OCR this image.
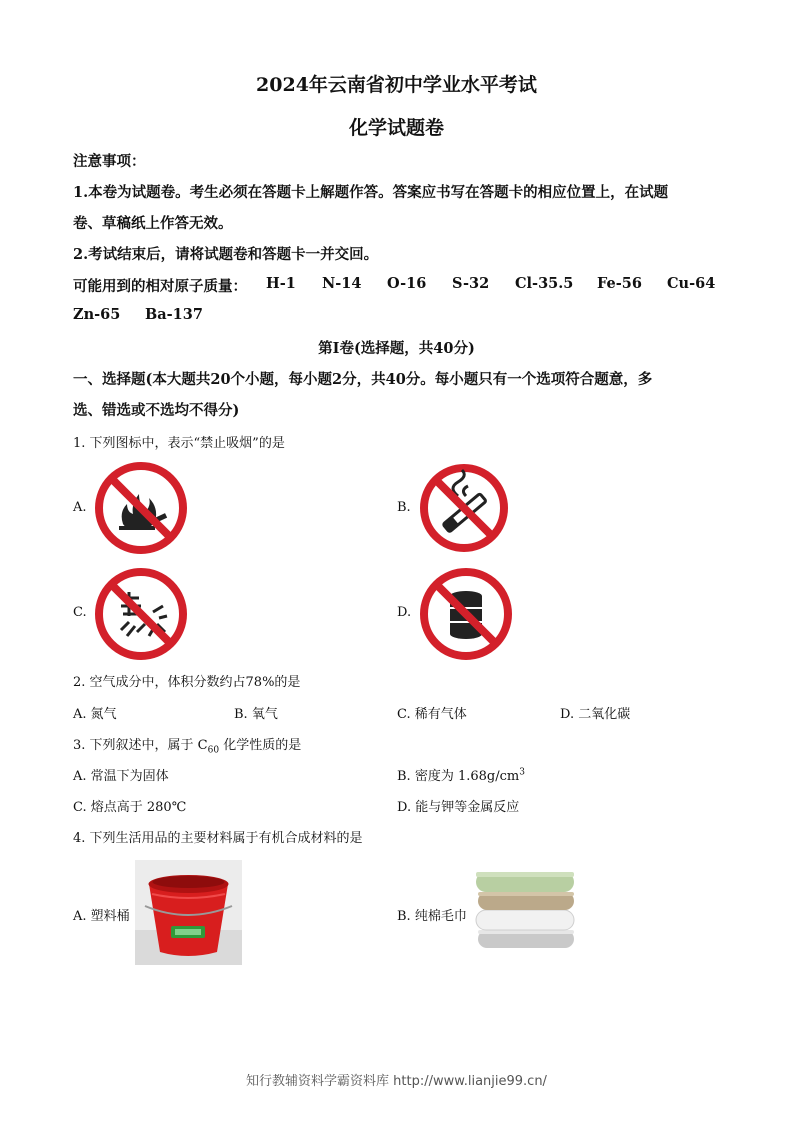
2024年云南省初中学业水平考试
化学试题卷
注意事项：
1.本卷为试题卷。考生必须在答题卡上解题作答。答案应书写在答题卡的相应位置上，在试题
卷、草稿纸上作答无效。
2.考试结束后，请将试题卷和答题卡一并交回。
可能用到的相对原子质量： H-1 N-14 O-16 S-32 Cl-35.5 Fe-56 Cu-64
Zn-65 Ba-137
第Ⅰ卷(选择题，共40分)
一、选择题(本大题共20个小题，每小题2分，共40分。每小题只有一个选项符合题意，多
选、错选或不选均不得分)
1. 下列图标中，表示“禁止吸烟”的是
A.	B.
C.	D.
2. 空气成分中，体积分数约占78%的是
A. 氮气	B. 氧气	C. 稀有气体	D. 二氧化碳
3. 下列叙述中，属于 $C_{60}$ 化学性质的是
A. 常温下为固体	B. 密度为 $1.68g/cm^3$
C. 熔点高于 280℃	D. 能与钾等金属反应
4. 下列生活用品的主要材料属于有机合成材料的是
A. 塑料桶	B. 纯棉毛巾
知行教辅资料学霸资料库 http://www.lianjie99.cn/
